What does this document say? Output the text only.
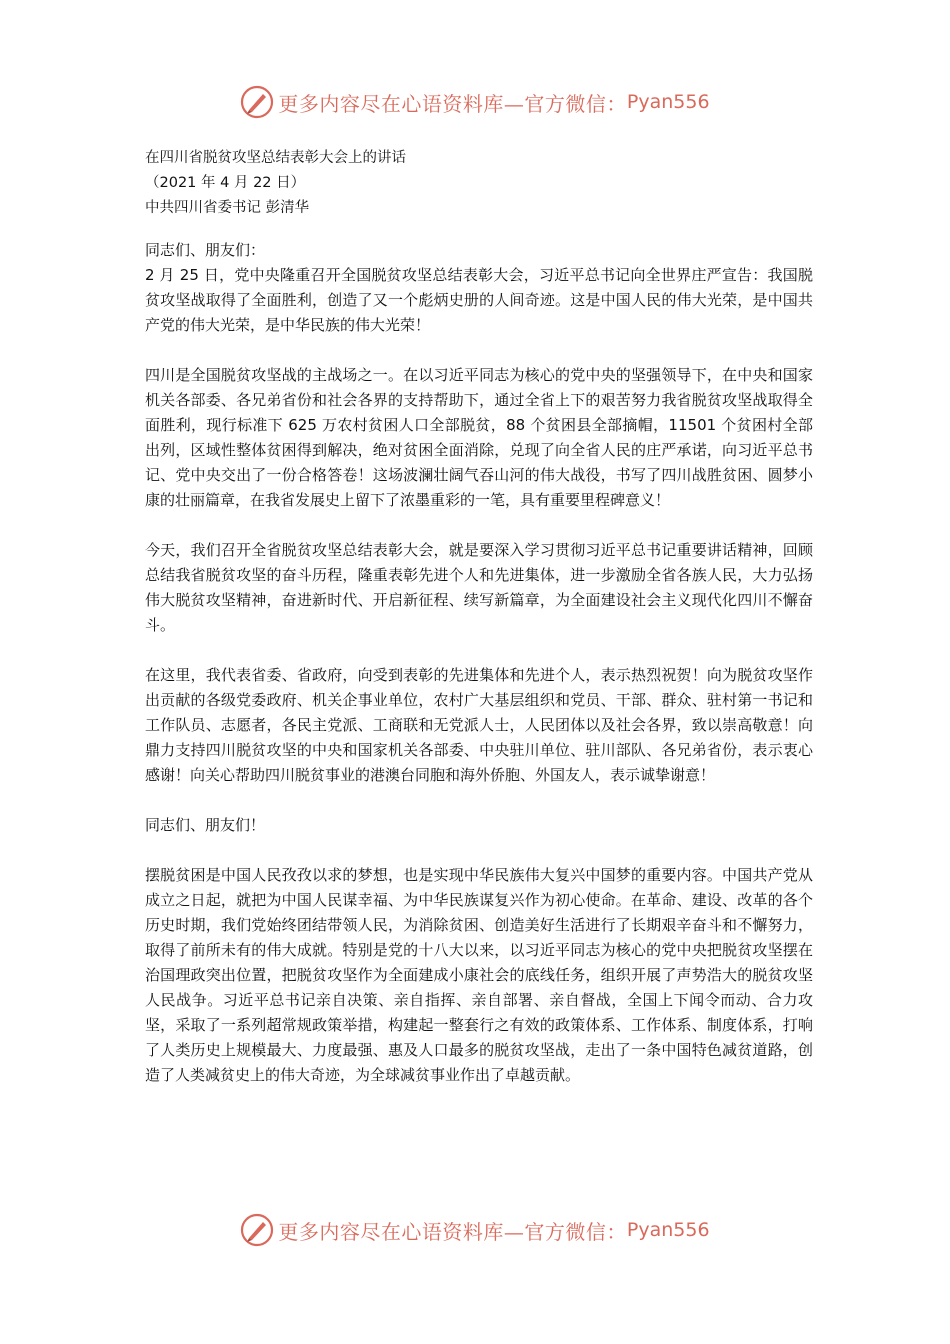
更多内容尽在心语资料库—官方微信： Pyan556

在四川省脱贫攻坚总结表彰大会上的讲话

（2021 年 4 月 22 日）

中共四川省委书记 彭清华

同志们、朋友们：

2 月 25 日，党中央隆重召开全国脱贫攻坚总结表彰大会，习近平总书记向全世界庄严宣告：我国脱贫攻坚战取得了全面胜利，创造了又一个彪炳史册的人间奇迹。这是中国人民的伟大光荣，是中国共产党的伟大光荣，是中华民族的伟大光荣！

四川是全国脱贫攻坚战的主战场之一。在以习近平同志为核心的党中央的坚强领导下，在中央和国家机关各部委、各兄弟省份和社会各界的支持帮助下，通过全省上下的艰苦努力我省脱贫攻坚战取得全面胜利，现行标准下 625 万农村贫困人口全部脱贫，88 个贫困县全部摘帽，11501 个贫困村全部出列，区域性整体贫困得到解决，绝对贫困全面消除，兑现了向全省人民的庄严承诺，向习近平总书记、党中央交出了一份合格答卷！这场波澜壮阔气吞山河的伟大战役，书写了四川战胜贫困、圆梦小康的壮丽篇章，在我省发展史上留下了浓墨重彩的一笔，具有重要里程碑意义！

今天，我们召开全省脱贫攻坚总结表彰大会，就是要深入学习贯彻习近平总书记重要讲话精神，回顾总结我省脱贫攻坚的奋斗历程，隆重表彰先进个人和先进集体，进一步激励全省各族人民，大力弘扬伟大脱贫攻坚精神，奋进新时代、开启新征程、续写新篇章，为全面建设社会主义现代化四川不懈奋斗。

在这里，我代表省委、省政府，向受到表彰的先进集体和先进个人，表示热烈祝贺！向为脱贫攻坚作出贡献的各级党委政府、机关企事业单位，农村广大基层组织和党员、干部、群众、驻村第一书记和工作队员、志愿者，各民主党派、工商联和无党派人士，人民团体以及社会各界，致以崇高敬意！向鼎力支持四川脱贫攻坚的中央和国家机关各部委、中央驻川单位、驻川部队、各兄弟省份，表示衷心感谢！向关心帮助四川脱贫事业的港澳台同胞和海外侨胞、外国友人，表示诚挚谢意！

同志们、朋友们！

摆脱贫困是中国人民孜孜以求的梦想，也是实现中华民族伟大复兴中国梦的重要内容。中国共产党从成立之日起，就把为中国人民谋幸福、为中华民族谋复兴作为初心使命。在革命、建设、改革的各个历史时期，我们党始终团结带领人民，为消除贫困、创造美好生活进行了长期艰辛奋斗和不懈努力，取得了前所未有的伟大成就。特别是党的十八大以来，以习近平同志为核心的党中央把脱贫攻坚摆在治国理政突出位置，把脱贫攻坚作为全面建成小康社会的底线任务，组织开展了声势浩大的脱贫攻坚人民战争。习近平总书记亲自决策、亲自指挥、亲自部署、亲自督战，全国上下闻令而动、合力攻坚，采取了一系列超常规政策举措，构建起一整套行之有效的政策体系、工作体系、制度体系，打响了人类历史上规模最大、力度最强、惠及人口最多的脱贫攻坚战，走出了一条中国特色减贫道路，创造了人类减贫史上的伟大奇迹，为全球减贫事业作出了卓越贡献。

更多内容尽在心语资料库—官方微信： Pyan556
